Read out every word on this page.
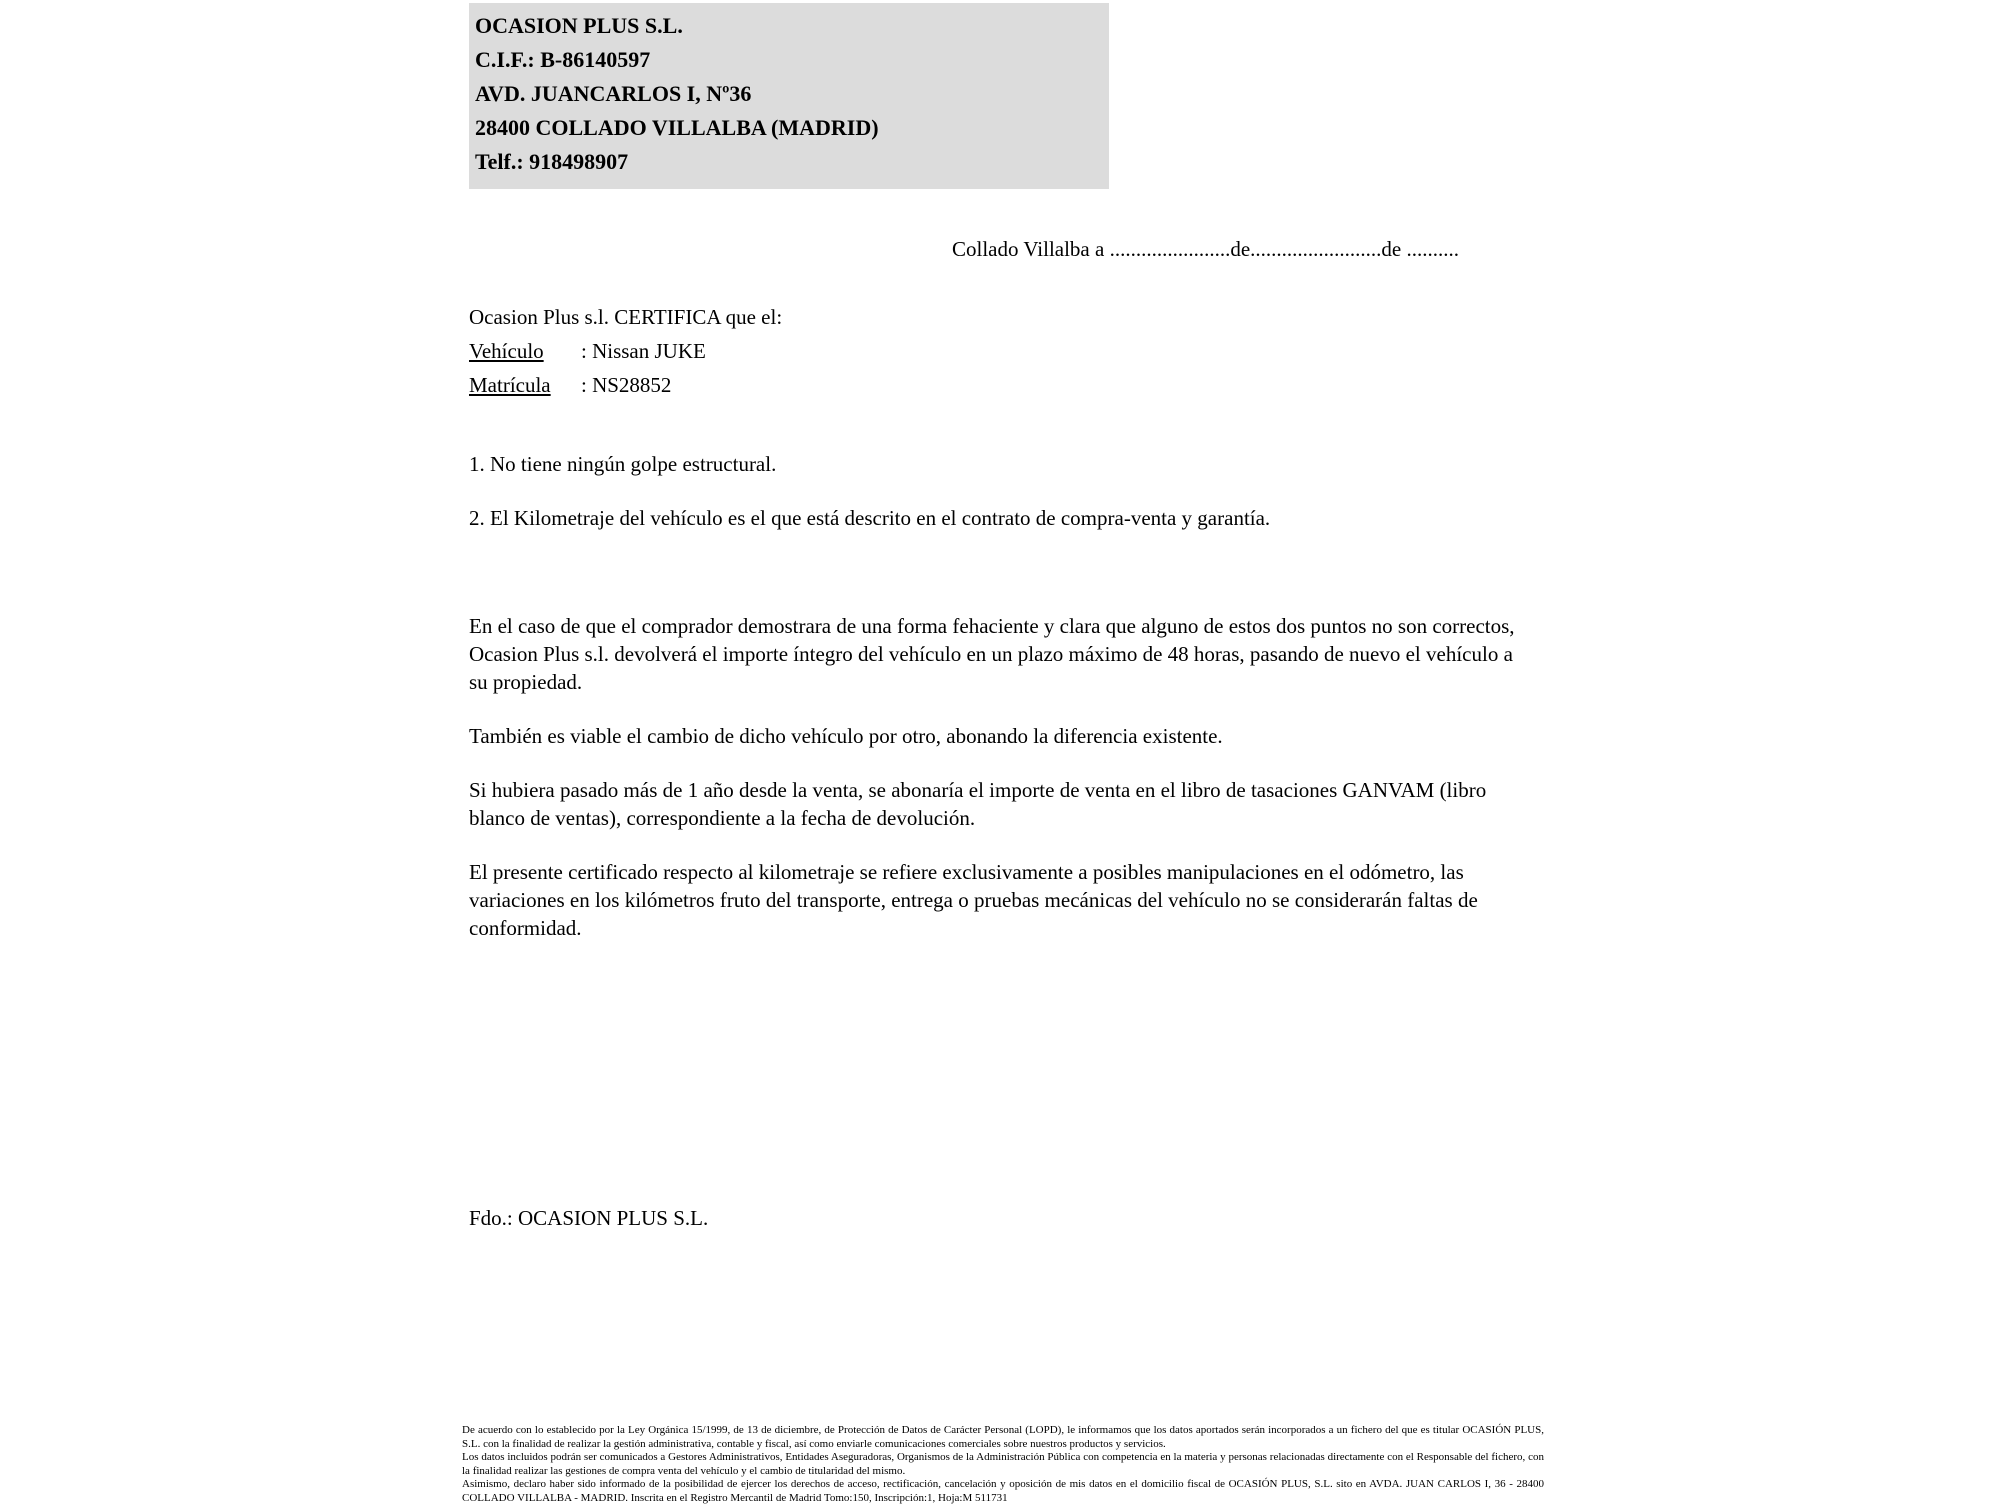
OCASION PLUS S.L.
C.I.F.: B-86140597
AVD. JUANCARLOS I, Nº36
28400 COLLADO VILLALBA (MADRID)
Telf.: 918498907
Collado Villalba a .......................de.........................de ..........
Ocasion Plus s.l. CERTIFICA que el:
Vehículo : Nissan JUKE
Matrícula : NS28852

1. No tiene ningún golpe estructural.

2. El Kilometraje del vehículo es el que está descrito en el contrato de compra-venta y garantía.

En el caso de que el comprador demostrara de una forma fehaciente y clara que alguno de estos dos puntos no son correctos, Ocasion Plus s.l. devolverá el importe íntegro del vehículo en un plazo máximo de 48 horas, pasando de nuevo el vehículo a su propiedad.

También es viable el cambio de dicho vehículo por otro, abonando la diferencia existente.

Si hubiera pasado más de 1 año desde la venta, se abonaría el importe de venta en el libro de tasaciones GANVAM (libro blanco de ventas), correspondiente a la fecha de devolución.

El presente certificado respecto al kilometraje se refiere exclusivamente a posibles manipulaciones en el odómetro, las variaciones en los kilómetros fruto del transporte, entrega o pruebas mecánicas del vehículo no se considerarán faltas de conformidad.

Fdo.: OCASION PLUS S.L.

De acuerdo con lo establecido por la Ley Orgánica 15/1999, de 13 de diciembre, de Protección de Datos de Carácter Personal (LOPD), le informamos que los datos aportados serán incorporados a un fichero del que es titular OCASIÓN PLUS, S.L. con la finalidad de realizar la gestión administrativa, contable y fiscal, así como enviarle comunicaciones comerciales sobre nuestros productos y servicios.

Los datos incluidos podrán ser comunicados a Gestores Administrativos, Entidades Aseguradoras, Organismos de la Administración Pública con competencia en la materia y personas relacionadas directamente con el Responsable del fichero, con la finalidad realizar las gestiones de compra venta del vehículo y el cambio de titularidad del mismo.

Asimismo, declaro haber sido informado de la posibilidad de ejercer los derechos de acceso, rectificación, cancelación y oposición de mis datos en el domicilio fiscal de OCASIÓN PLUS, S.L. sito en AVDA. JUAN CARLOS I, 36 - 28400 COLLADO VILLALBA - MADRID. Inscrita en el Registro Mercantil de Madrid Tomo:150, Inscripción:1, Hoja:M 511731
